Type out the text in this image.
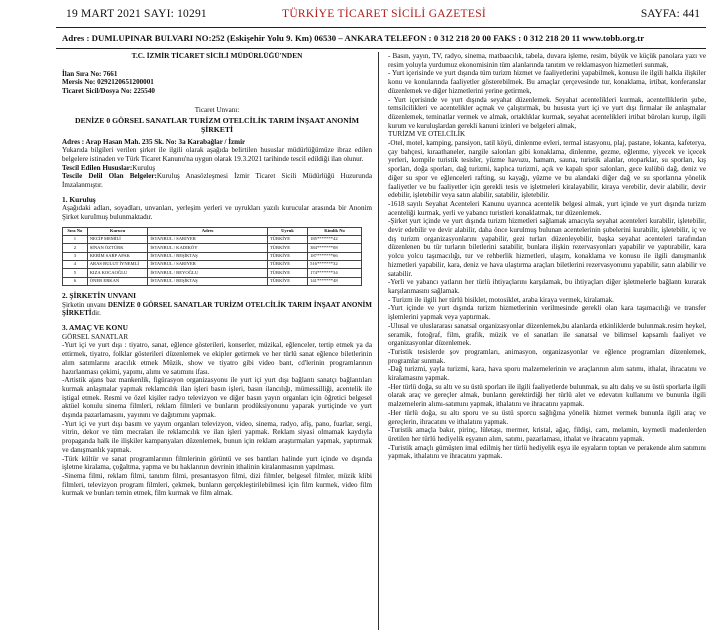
19 MART 2021 SAYI: 10291	TÜRKİYE TİCARET SİCİLİ GAZETESİ	SAYFA: 441
Adres : DUMLUPINAR BULVARI NO:252 (Eskişehir Yolu 9. Km) 06530 – ANKARA TELEFON : 0 312 218 20 00 FAKS : 0 312 218 20 11 www.tobb.org.tr
T.C. İZMİR TİCARET SİCİLİ MÜDÜRLÜĞÜ'NDEN
İlan Sıra No: 7661
Mersis No: 0292120651200001
Ticaret Sicil/Dosya No: 225540
Ticaret Unvanı:
DENİZE 0 GÖRSEL SANATLAR TURİZM OTELCİLİK TARIM İNŞAAT ANONİM ŞİRKETİ
Adres : Arap Hasan Mah. 235 Sk. No: 3a Karabağlar / İzmir

Yukarıda bilgileri verilen şirket ile ilgili olarak aşağıda belirtilen hususlar müdürlüğümüze ibraz edilen belgelere istinaden ve Türk Ticaret Kanunu'na uygun olarak 19.3.2021 tarihinde tescil edildiği ilan olunur.

Tescil Edilen Hususlar:Kuruluş

Tescile Delil Olan Belgeler:Kuruluş Anasözleşmesi İzmir Ticaret Sicili Müdürlüğü Huzurunda İmzalanmıştır.

1. Kuruluş

Aşağıdaki adları, soyadları, unvanları, yerleşim yerleri ve uyrukları yazılı kurucular arasında bir Anonim Şirket kuruImuş bulunmaktadır.

Sıra No	Kurucu	Adres	Uyruk	Kimlik No
1	NECİP MEMİLİ	İSTANBUL / SARIYER	TÜRKİYE	185*******42
2	SİNAN ÖZTÜRK	İSTANBUL / KADIKÖY	TÜRKİYE	384*******08
3	KERİM SARP APAK	İSTANBUL / BEŞİKTAŞ	TÜRKİYE	187*******66
4	ARAS BULUT İYNEMLİ	İSTANBUL / SARIYER	TÜRKİYE	516*******32
5	KIZA KOCAOĞLU	İSTANBUL / BEYOĞLU	TÜRKİYE	174*******34
6	ÖNER ERKAN	İSTANBUL / BEŞİKTAŞ	TÜRKİYE	141*******48
2. ŞİRKETİN UNVANI

Şirketin unvanı DENİZE 0 GÖRSEL SANATLAR TURİZM OTELCİLİK TARIM İNŞAAT ANONİM ŞİRKETİdir.

3. AMAÇ VE KONU
GÖRSEL SANATLAR

-Yurt içi ve yurt dışı : tiyatro, sanat, eğlence gösterileri, konserler, müzikal, eğlenceler, tertip etmek ya da ettirmek, tiyatro, folklar gösterileri düzenlemek ve ekipler getirmek ve her türlü sanat eğlence biletlerinin alım satımlarını aracılık etmek Müzik, show ve tiyatro gibi video bant, cd'lerinin programlarının hazırlanması çekimi, yapımı, alımı ve satımını ifası.

-Artistik ajans baz mankenlik, figürasyon organizasyonu ile yurt içi yurt dışı bağlantı sanatçı bağlantıları kurmak anlaşmalar yapmak reklamcılık ilan işleri basın işleri, basın ilancılığı, mümessilliği, acentelik ile iştigal etmek. Resmi ve özel kişiler radyo televizyon ve diğer basın yayın organları için öğretici belgesel aktüel konulu sinema filmleri, reklam filmleri ve bunların prodüksiyonunu yaparak yurtiçinde ve yurt dışında pazarlamasını, yayınını ve dağıtımını yapmak.

-Yurt içi ve yurt dışı basım ve yayım organları televizyon, video, sinema, radyo, afiş, pano, fuarlar, sergi, vitrin, dekor ve tüm mecraları ile reklamcılık ve ilan işleri yapmak. Reklam siyasi olmamak kaydıyla propaganda halk ile ilişkiler kampanyaları düzenlemek, bunun için reklam araştırmaları yapmak, yaptırmak ve danışmanlık yapmak.

-Türk kültür ve sanat programlarının filmlerinin görüntü ve ses bantları halinde yurt içinde ve dışında işletme kiralama, çoğaltma, yapma ve bu haklarının devrinin ithalinin kiralanmasının yapılması.

-Sinema filmi, reklam filmi, tanıtım filmi, presantasyon filmi, dizi filmler, belgesel filmler, müzik klibi filmleri, televizyon program filmleri, çekmek, bunların gerçekleştirilebilmesi için film kurmek, video film kurmak ve bunları temin etmek, film kurmak ve film almak.

- Basın, yayın, TV, radyo, sinema, matbaacılık, tabela, duvara işleme, resim, büyük ve küçük panolara yazı ve resim yoluyla yurdumuz ekonomisinin tüm alanlarında tanıtım ve reklamasyon hizmetleri sunmak,

- Yurt içerisinde ve yurt dışında tüm turizm hizmet ve faaliyetlerini yapabilmek, konusu ile ilgili halkla ilişkiler konu ve konularında faaliyetler gösterebilmek. Bu amaçlar çerçevesinde tur, konaklama, irtibat, konferanslar düzenlemek ve diğer hizmetlerini yerine getirmek,

- Yurt içerisinde ve yurt dışında seyahat düzenlemek. Seyahat acentelikleri kurmak, acentelliklerin şube, temsilcilikleri ve acentelikler açmak ve çalıştırmak, bu hususta yurt içi ve yurt dışı firmalar ile anlaşmalar düzenlemek, teminatlar vermek ve almak, ortaklıklar kurmak, seyahat acentelikleri irtibat büroları kurup, ilgili kurum ve kuruluşlardan gerekli kanuni izinleri ve belgeleri almak,

TURİZM VE OTELCİLİK

-Otel, motel, kamping, pansiyon, tatil köyü, dinlenme evleri, termal istasyonu, plaj, pastane, lokanta, kafeterya, çay bahçesi, kıraathaneler, nargile salonları gibi konaklama, dinlenme, gezme, eğlenme, yiyecek ve içecek yerleri, kompile turistik tesisler, yüzme havuzu, hamam, sauna, turistik alanlar, otoparklar, su sporları, kış sporları, doğa sporları, dağ turizmi, kaplıca turizmi, açık ve kapalı spor salonları, gece kulübü dağ, deniz ve diğer su spor ve eğlenceleri rafting, su kayağı, yüzme ve bu alandaki diğer dağ ve su sporlarına yönelik faaliyetler ve bu faaliyetler için gerekli tesis ve işletmeleri kiralayabilir, kiraya verebilir, devir alabilir, devir edebilir, işletebilir veya satın alabilir, satabilir, işletebilir.

-1618 sayılı Seyahat Acenteleri Kanunu uyarınca acentelik belgesi almak, yurt içinde ve yurt dışında turizm acenteliği kurmak, yerli ve yabancı turistleri konaklatmak, tur düzenlemek.

-Şirket yurt içinde ve yurt dışında turizm hizmetleri sağlamak amacıyla seyahat acenteleri kurabilir, işletebilir, devir edebilir ve devir alabilir, daha önce kurulmuş bulunan acentelerinin şubelerini kurabilir, işletebilir, iç ve dış turizm organizasyonlarını yapabilir, gezi turları düzenleyebilir, başka seyahat acenteleri tarafından düzenlenen bu tür turların biletlerini satabilir, bunlara ilişkin rezervasyonları yapabilir ve yaptırabilir, kara yolcu yolcu taşımacılığı, tur ve rehberlik hizmetleri, ulaşım, konaklama ve konusu ile ilgili danışmanlık hizmetleri yapabilir, kara, deniz ve hava ulaştırma araçları biletlerini rezervasyonunu yapabilir, satın alabilir ve satabilir.

-Yerli ve yabancı yatların her türlü ihtiyaçlarını karşılamak, bu ihtiyaçları diğer işletmelerle bağlantı kurarak karşılanmasını sağlamak.

- Turizm ile ilgili her türlü bisiklet, motosiklet, araba kiraya vermek, kiralamak.

-Yurt içinde ve yurt dışında turizm hizmetlerinin verilmesinde gerekli olan kara taşımacılığı ve transfer işlemlerini yapmak veya yaptırmak.

-Ulusal ve uluslararası sanatsal organizasyonlar düzenlemek,bu alanlarda etkinliklerde bulunmak.resim heykel, seramik, fotoğraf, film, grafik, müzik ve el sanatları ile sanatsal ve bilimsel kapsamlı faaliyet ve organizasyonlar düzenlemek.

-Turistik tesislerde şov programları, animasyon, organizasyonlar ve eğlence programları düzenlemek, programlar sunmak.

-Dağ turizmi, yayla turizmi, kara, hava sporu malzemelerinin ve araçlarının alım satımı, ithalat, ihracatını ve kiralamasını yapmak.

-Her türlü doğa, su altı ve su üstü sporları ile ilgili faaliyetlerde bulunmak, su altı dalış ve su üstü sporlarla ilgili olarak araç ve gereçler almak, bunların gerektirdiği her türlü alet ve edevatın kullanımı ve bununla ilgili malzemelerin alımı-satımını yapmak, ithalatını ve ihracatını yapmak.

-Her türlü doğa, su altı sporu ve su üstü sporcu sağlığına yönelik hizmet vermek bununla ilgili araç ve gereçlerin, ihracatını ve ithalatını yapmak.

-Turistik amaçla bakır, pirinç, lületaşı, mermer, kristal, ağaç, fildişi, cam, melamin, kıymetli madenlerden üretilen her türlü hediyelik eşyanın alım, satımı, pazarlaması, ithalat ve ihracatını yapmak.

-Turistik amaçlı gümüşten imal edilmiş her türlü hediyelik eşya ile eşyaların toptan ve perakende alım satımını yapmak, ithalatını ve ihracatını yapmak.
